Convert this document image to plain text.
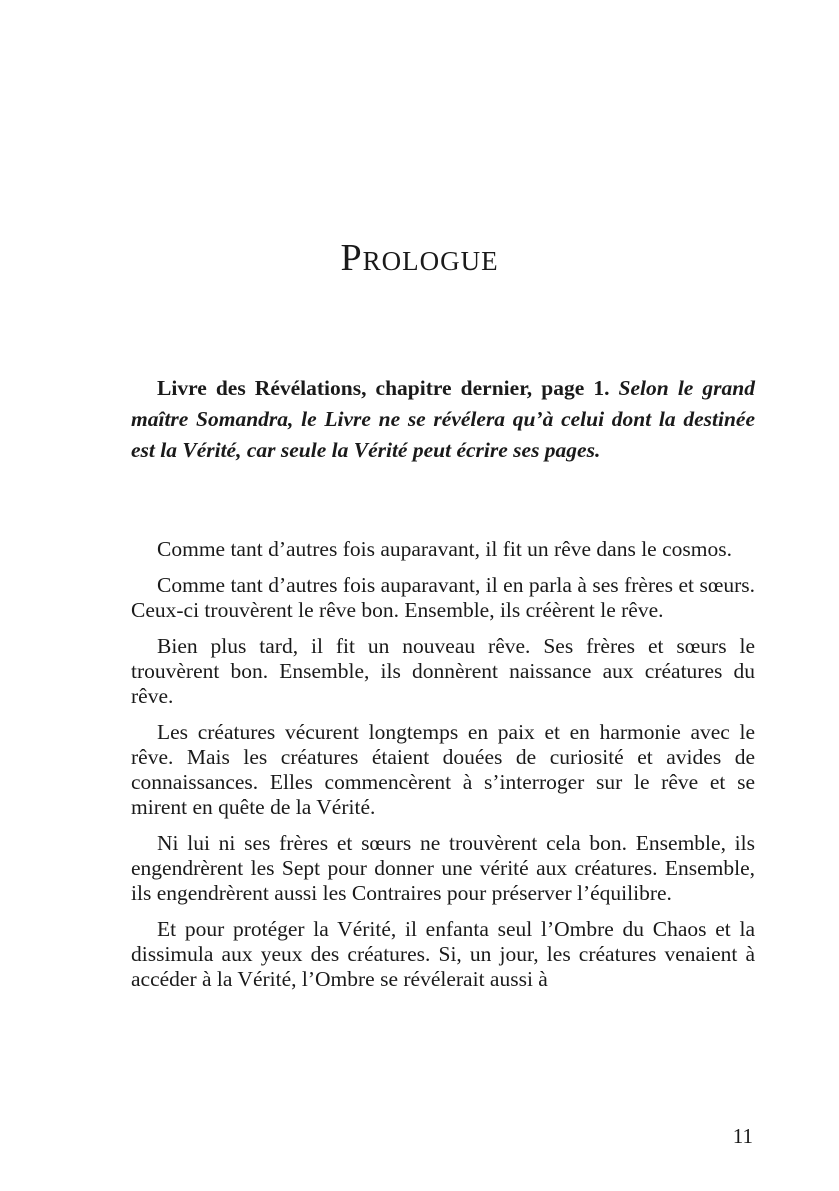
Prologue

Livre des Révélations, chapitre dernier, page 1. Selon le grand maître Somandra, le Livre ne se révélera qu’à celui dont la destinée est la Vérité, car seule la Vérité peut écrire ses pages.

Comme tant d’autres fois auparavant, il fit un rêve dans le cosmos.

Comme tant d’autres fois auparavant, il en parla à ses frères et sœurs. Ceux-ci trouvèrent le rêve bon. Ensemble, ils créèrent le rêve.

Bien plus tard, il fit un nouveau rêve. Ses frères et sœurs le trouvèrent bon. Ensemble, ils donnèrent naissance aux créatures du rêve.

Les créatures vécurent longtemps en paix et en harmonie avec le rêve. Mais les créatures étaient douées de curiosité et avides de connaissances. Elles commencèrent à s’interroger sur le rêve et se mirent en quête de la Vérité.

Ni lui ni ses frères et sœurs ne trouvèrent cela bon. Ensemble, ils engendrèrent les Sept pour donner une vérité aux créatures. Ensemble, ils engendrèrent aussi les Contraires pour préserver l’équilibre.

Et pour protéger la Vérité, il enfanta seul l’Ombre du Chaos et la dissimula aux yeux des créatures. Si, un jour, les créatures venaient à accéder à la Vérité, l’Ombre se révélerait aussi à

11
